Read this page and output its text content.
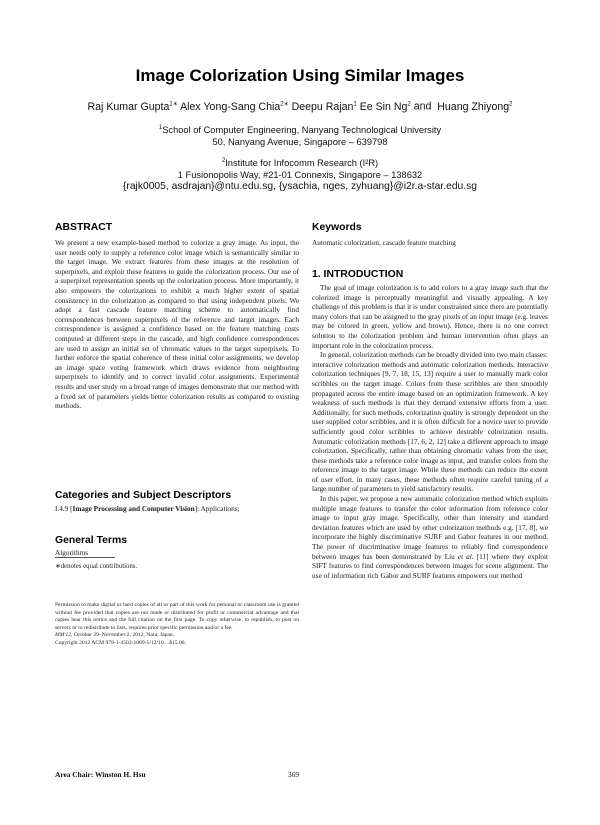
Image Colorization Using Similar Images
Raj Kumar Gupta$^{1∗}$ Alex Yong-Sang Chia$^{2∗}$ Deepu Rajan$^1$ Ee Sin Ng$^2$ and  Huang Zhiyong$^2$
$^1$School of Computer Engineering, Nanyang Technological University
50, Nanyang Avenue, Singapore – 639798
$^2$Institute for Infocomm Research (I²R)
1 Fusionopolis Way, #21-01 Connexis, Singapore – 138632
{rajk0005, asdrajan}@ntu.edu.sg, {ysachia, nges, zyhuang}@i2r.a-star.edu.sg
ABSTRACT

We present a new example-based method to colorize a gray image. As input, the user needs only to supply a reference color image which is semantically similar to the target image. We extract features from these images at the resolution of superpixels, and exploit these features to guide the colorization process. Our use of a superpixel representation speeds up the colorization process. More importantly, it also empowers the colorizations to exhibit a much higher extent of spatial consistency in the colorization as compared to that using independent pixels. We adopt a fast cascade feature matching scheme to automatically find correspondences between superpixels of the reference and target images. Each correspondence is assigned a confidence based on the feature matching costs computed at different steps in the cascade, and high confidence correspondences are used to assign an initial set of chromatic values to the target superpixels. To further enforce the spatial coherence of these initial color assignments, we develop an image space voting framework which draws evidence from neighboring superpixels to identify and to correct invalid color assignments. Experimental results and user study on a broad range of images demonstrate that our method with a fixed set of parameters yields better colorization results as compared to existing methods.

Categories and Subject Descriptors

I.4.9 [Image Processing and Computer Vision]: Applications;

General Terms

Algorithms

∗denotes equal contributions.
Permission to make digital or hard copies of all or part of this work for personal or classroom use is granted without fee provided that copies are not made or distributed for profit or commercial advantage and that copies bear this notice and the full citation on the first page. To copy otherwise, to republish, to post on servers or to redistribute to lists, requires prior specific permission and/or a fee.
MM'12, October 29–November 2, 2012, Nara, Japan.
Copyright 2012 ACM 978-1-4503-1089-5/12/10 ...$15.00.
Keywords

Automatic colorization, cascade feature matching

1. INTRODUCTION

The goal of image colorization is to add colors to a gray image such that the colorized image is perceptually meaningful and visually appealing. A key challenge of this problem is that it is under constrained since there are potentially many colors that can be assigned to the gray pixels of an input image (e.g. leaves may be colored in green, yellow and brown). Hence, there is no one correct solution to the colorization problem and human intervention often plays an important role in the colorization process.

In general, colorization methods can be broadly divided into two main classes: interactive colorization methods and automatic colorization methods. Interactive colorization techniques [9, 7, 18, 15, 13] require a user to manually mark color scribbles on the target image. Colors from these scribbles are then smoothly propagated across the entire image based on an optimization framework. A key weakness of such methods is that they demand extensive efforts from a user. Additionally, for such methods, colorization quality is strongly dependent on the user supplied color scribbles, and it is often difficult for a novice user to provide sufficiently good color scribbles to achieve desirable colorization results. Automatic colorization methods [17, 6, 2, 12] take a different approach to image colorization. Specifically, rather than obtaining chromatic values from the user, these methods take a reference color image as input, and transfer colors from the reference image to the target image. While these methods can reduce the extent of user effort, in many cases, these methods often require careful tuning of a large number of parameters to yield satisfactory results.

In this paper, we propose a new automatic colorization method which exploits multiple image features to transfer the color information from reference color image to input gray image. Specifically, other than intensity and standard deviation features which are used by other colorization methods e.g. [17, 8], we incorporate the highly discriminative SURF and Gabor features in our method. The power of discriminative image features to reliably find correspondence between images has been demonstrated by Liu et al. [11] where they exploit SIFT features to find correspondences between images for scene alignment. The use of information rich Gabor and SURF features empowers our method

Area Chair: Winston H. Hsu	369
